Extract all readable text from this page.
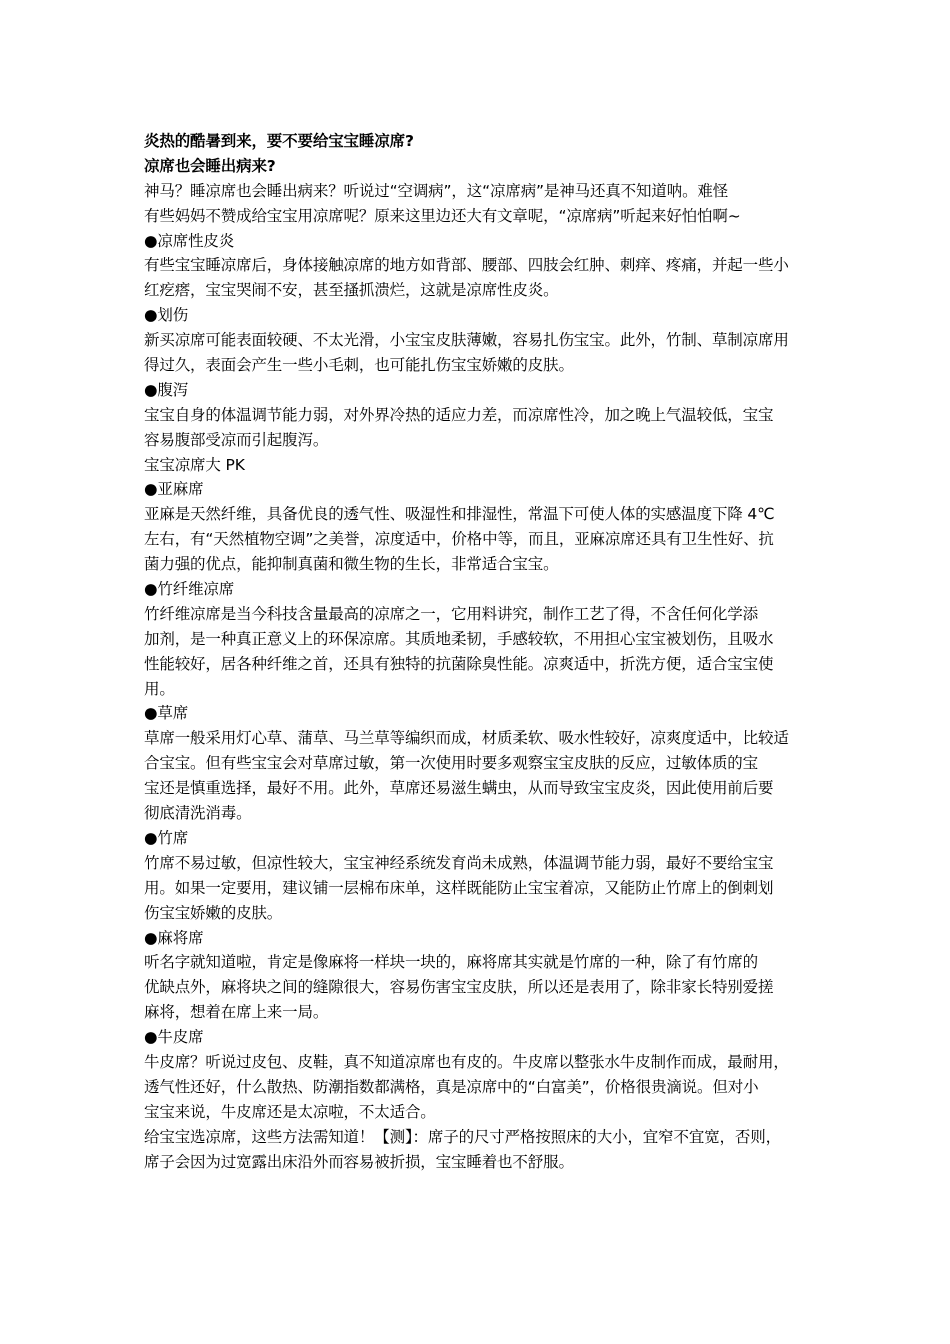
炎热的酷暑到来，要不要给宝宝睡凉席?

凉席也会睡出病来?

神马？睡凉席也会睡出病来？听说过“空调病”，这“凉席病”是神马还真不知道呐。难怪

有些妈妈不赞成给宝宝用凉席呢？原来这里边还大有文章呢，“凉席病”听起来好怕怕啊~

●凉席性皮炎

有些宝宝睡凉席后，身体接触凉席的地方如背部、腰部、四肢会红肿、刺痒、疼痛，并起一些小

红疙瘩，宝宝哭闹不安，甚至搔抓溃烂，这就是凉席性皮炎。

●划伤

新买凉席可能表面较硬、不太光滑，小宝宝皮肤薄嫩，容易扎伤宝宝。此外，竹制、草制凉席用

得过久，表面会产生一些小毛刺，也可能扎伤宝宝娇嫩的皮肤。

●腹泻

宝宝自身的体温调节能力弱，对外界冷热的适应力差，而凉席性冷，加之晚上气温较低，宝宝

容易腹部受凉而引起腹泻。

宝宝凉席大 PK

●亚麻席

亚麻是天然纤维，具备优良的透气性、吸湿性和排湿性，常温下可使人体的实感温度下降 4℃

左右，有“天然植物空调”之美誉，凉度适中，价格中等，而且，亚麻凉席还具有卫生性好、抗

菌力强的优点，能抑制真菌和微生物的生长，非常适合宝宝。

●竹纤维凉席

竹纤维凉席是当今科技含量最高的凉席之一，它用料讲究，制作工艺了得，不含任何化学添

加剂，是一种真正意义上的环保凉席。其质地柔韧，手感较软，不用担心宝宝被划伤，且吸水

性能较好，居各种纤维之首，还具有独特的抗菌除臭性能。凉爽适中，折洗方便，适合宝宝使

用。

●草席

草席一般采用灯心草、蒲草、马兰草等编织而成，材质柔软、吸水性较好，凉爽度适中，比较适

合宝宝。但有些宝宝会对草席过敏，第一次使用时要多观察宝宝皮肤的反应，过敏体质的宝

宝还是慎重选择，最好不用。此外，草席还易滋生螨虫，从而导致宝宝皮炎，因此使用前后要

彻底清洗消毒。

●竹席

竹席不易过敏，但凉性较大，宝宝神经系统发育尚未成熟，体温调节能力弱，最好不要给宝宝

用。如果一定要用，建议铺一层棉布床单，这样既能防止宝宝着凉，又能防止竹席上的倒刺划

伤宝宝娇嫩的皮肤。

●麻将席

听名字就知道啦，肯定是像麻将一样块一块的，麻将席其实就是竹席的一种，除了有竹席的

优缺点外，麻将块之间的缝隙很大，容易伤害宝宝皮肤，所以还是表用了，除非家长特别爱搓

麻将，想着在席上来一局。

●牛皮席

牛皮席？听说过皮包、皮鞋，真不知道凉席也有皮的。牛皮席以整张水牛皮制作而成，最耐用，

透气性还好，什么散热、防潮指数都满格，真是凉席中的“白富美”，价格很贵滴说。但对小

宝宝来说，牛皮席还是太凉啦，不太适合。

给宝宝选凉席，这些方法需知道！【测】：席子的尺寸严格按照床的大小，宜窄不宜宽，否则，

席子会因为过宽露出床沿外而容易被折损，宝宝睡着也不舒服。
